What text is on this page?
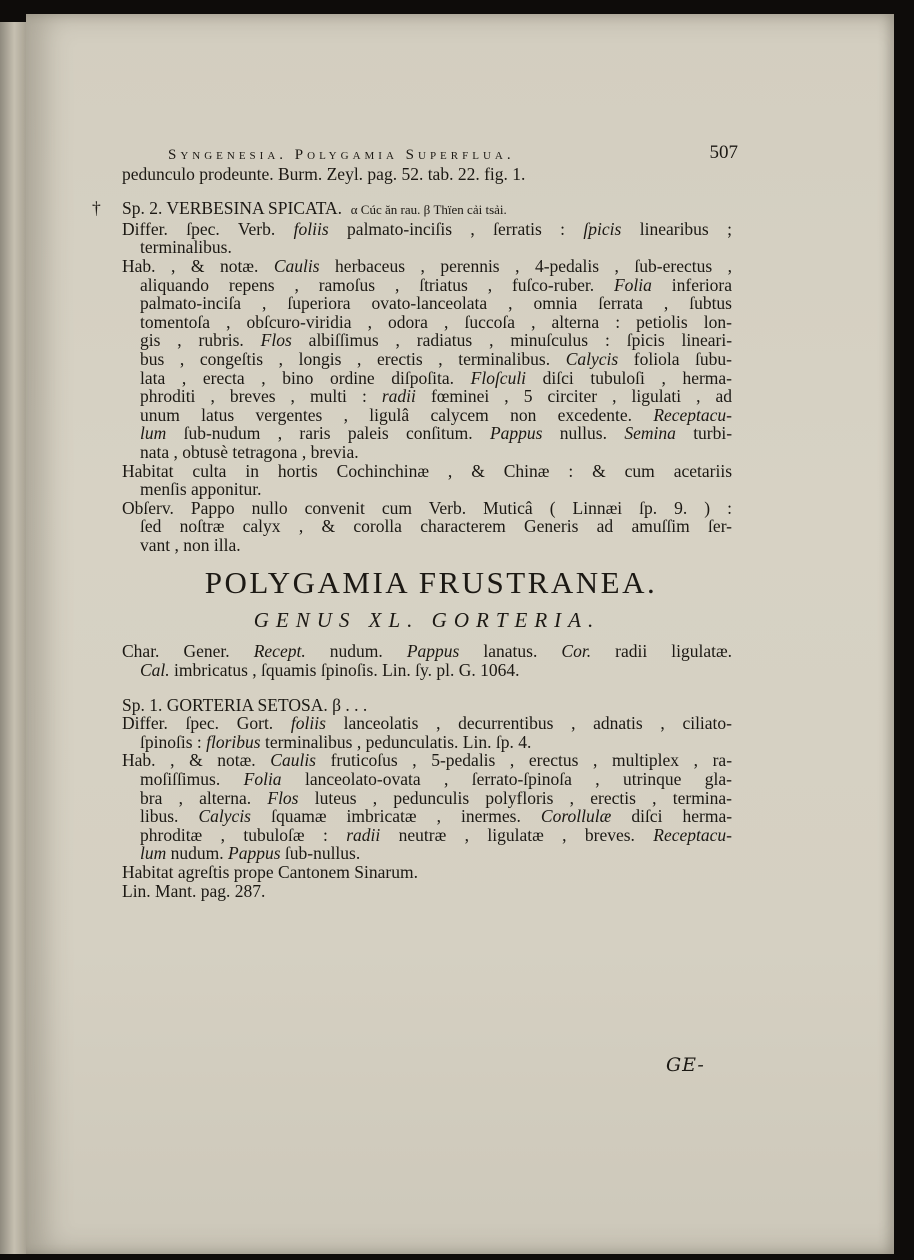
Syngenesia. Polygamia Superflua.	507
pedunculo prodeunte. Burm. Zeyl. pag. 52. tab. 22. fig. 1.
† Sp. 2. VERBESINA SPICATA. α Cúc ăn rau. β Thïen cải tsải.
Differ. ſpec. Verb. foliis palmato-inciſis , ſerratis : ſpicis linearibus ;
terminalibus.
Hab. , & notæ. Caulis herbaceus , perennis , 4-pedalis , ſub-erectus ,
aliquando repens , ramoſus , ſtriatus , fuſco-ruber. Folia inferiora
palmato-inciſa , ſuperiora ovato-lanceolata , omnia ſerrata , ſubtus
tomentoſa , obſcuro-viridia , odora , ſuccoſa , alterna : petiolis lon-
gis , rubris. Flos albiſſimus , radiatus , minuſculus : ſpicis lineari-
bus , congeſtis , longis , erectis , terminalibus. Calycis foliola ſubu-
lata , erecta , bino ordine diſpoſita. Floſculi diſci tubuloſi , herma-
phroditi , breves , multi : radii fœminei , 5 circiter , ligulati , ad
unum latus vergentes , ligulâ calycem non excedente. Receptacu-
lum ſub-nudum , raris paleis conſitum. Pappus nullus. Semina turbi-
nata , obtusè tetragona , brevia.
Habitat culta in hortis Cochinchinæ , & Chinæ : & cum acetariis
menſis apponitur.
Obſerv. Pappo nullo convenit cum Verb. Muticâ ( Linnæi ſp. 9. ) :
ſed noſtræ calyx , & corolla characterem Generis ad amuſſim ſer-
vant , non illa.
POLYGAMIA FRUSTRANEA.
GENUS XL. GORTERIA.
Char. Gener. Recept. nudum. Pappus lanatus. Cor. radii ligulatæ.
Cal. imbricatus , ſquamis ſpinoſis. Lin. ſy. pl. G. 1064.
Sp. 1. GORTERIA SETOSA. β . . .
Differ. ſpec. Gort. foliis lanceolatis , decurrentibus , adnatis , ciliato-
ſpinoſis : floribus terminalibus , pedunculatis. Lin. ſp. 4.
Hab. , & notæ. Caulis fruticoſus , 5-pedalis , erectus , multiplex , ra-
moſiſſimus. Folia lanceolato-ovata , ſerrato-ſpinoſa , utrinque gla-
bra , alterna. Flos luteus , pedunculis polyfloris , erectis , termina-
libus. Calycis ſquamæ imbricatæ , inermes. Corollulæ diſci herma-
phroditæ , tubuloſæ : radii neutræ , ligulatæ , breves. Receptacu-
lum nudum. Pappus ſub-nullus.
Habitat agreſtis prope Cantonem Sinarum.
Lin. Mant. pag. 287.
GE-
